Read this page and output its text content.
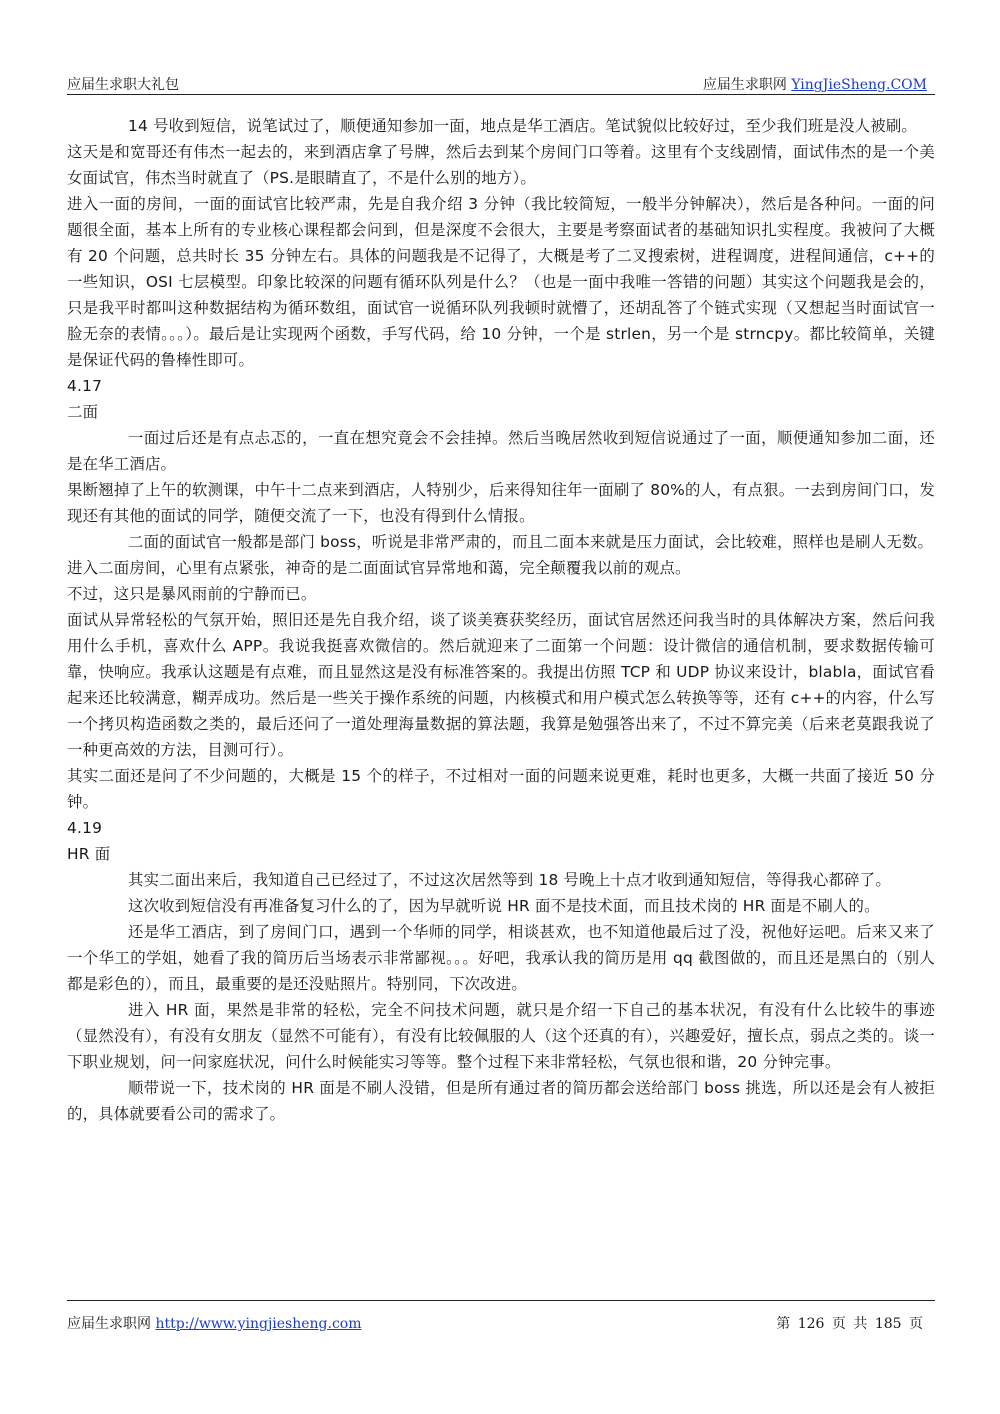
应届生求职大礼包	应届生求职网 YingJieSheng.COM

14 号收到短信，说笔试过了，顺便通知参加一面，地点是华工酒店。笔试貌似比较好过，至少我们班是没人被刷。

这天是和宽哥还有伟杰一起去的，来到酒店拿了号牌，然后去到某个房间门口等着。这里有个支线剧情，面试伟杰的是一个美女面试官，伟杰当时就直了（PS.是眼睛直了，不是什么别的地方）。

进入一面的房间，一面的面试官比较严肃，先是自我介绍 3 分钟（我比较简短，一般半分钟解决），然后是各种问。一面的问题很全面，基本上所有的专业核心课程都会问到，但是深度不会很大，主要是考察面试者的基础知识扎实程度。我被问了大概有 20 个问题，总共时长 35 分钟左右。具体的问题我是不记得了，大概是考了二叉搜索树，进程调度，进程间通信，c++的一些知识，OSI 七层模型。印象比较深的问题有循环队列是什么？（也是一面中我唯一答错的问题）其实这个问题我是会的，只是我平时都叫这种数据结构为循环数组，面试官一说循环队列我顿时就懵了，还胡乱答了个链式实现（又想起当时面试官一脸无奈的表情。。。）。最后是让实现两个函数，手写代码，给 10 分钟，一个是 strlen，另一个是 strncpy。都比较简单，关键是保证代码的鲁棒性即可。

4.17

二面

一面过后还是有点忐忑的，一直在想究竟会不会挂掉。然后当晚居然收到短信说通过了一面，顺便通知参加二面，还是在华工酒店。

果断翘掉了上午的软测课，中午十二点来到酒店，人特别少，后来得知往年一面刷了 80%的人，有点狠。一去到房间门口，发现还有其他的面试的同学，随便交流了一下，也没有得到什么情报。

二面的面试官一般都是部门 boss，听说是非常严肃的，而且二面本来就是压力面试，会比较难，照样也是刷人无数。

进入二面房间，心里有点紧张，神奇的是二面面试官异常地和蔼，完全颠覆我以前的观点。

不过，这只是暴风雨前的宁静而已。

面试从异常轻松的气氛开始，照旧还是先自我介绍，谈了谈美赛获奖经历，面试官居然还问我当时的具体解决方案，然后问我用什么手机，喜欢什么 APP。我说我挺喜欢微信的。然后就迎来了二面第一个问题：设计微信的通信机制，要求数据传输可靠，快响应。我承认这题是有点难，而且显然这是没有标准答案的。我提出仿照 TCP 和 UDP 协议来设计，blabla，面试官看起来还比较满意，糊弄成功。然后是一些关于操作系统的问题，内核模式和用户模式怎么转换等等，还有 c++的内容，什么写一个拷贝构造函数之类的，最后还问了一道处理海量数据的算法题，我算是勉强答出来了，不过不算完美（后来老莫跟我说了一种更高效的方法，目测可行）。

其实二面还是问了不少问题的，大概是 15 个的样子，不过相对一面的问题来说更难，耗时也更多，大概一共面了接近 50 分钟。

4.19

HR 面

其实二面出来后，我知道自己已经过了，不过这次居然等到 18 号晚上十点才收到通知短信，等得我心都碎了。

这次收到短信没有再准备复习什么的了，因为早就听说 HR 面不是技术面，而且技术岗的 HR 面是不刷人的。

还是华工酒店，到了房间门口，遇到一个华师的同学，相谈甚欢，也不知道他最后过了没，祝他好运吧。后来又来了一个华工的学姐，她看了我的简历后当场表示非常鄙视。。。好吧，我承认我的简历是用 qq 截图做的，而且还是黑白的（别人都是彩色的），而且，最重要的是还没贴照片。特别同，下次改进。

进入 HR 面，果然是非常的轻松，完全不问技术问题，就只是介绍一下自己的基本状况，有没有什么比较牛的事迹（显然没有），有没有女朋友（显然不可能有），有没有比较佩服的人（这个还真的有），兴趣爱好，擅长点，弱点之类的。谈一下职业规划，问一问家庭状况，问什么时候能实习等等。整个过程下来非常轻松，气氛也很和谐，20 分钟完事。

顺带说一下，技术岗的 HR 面是不刷人没错，但是所有通过者的简历都会送给部门 boss 挑选，所以还是会有人被拒的，具体就要看公司的需求了。

应届生求职网 http://www.yingjiesheng.com	第 126 页 共 185 页
